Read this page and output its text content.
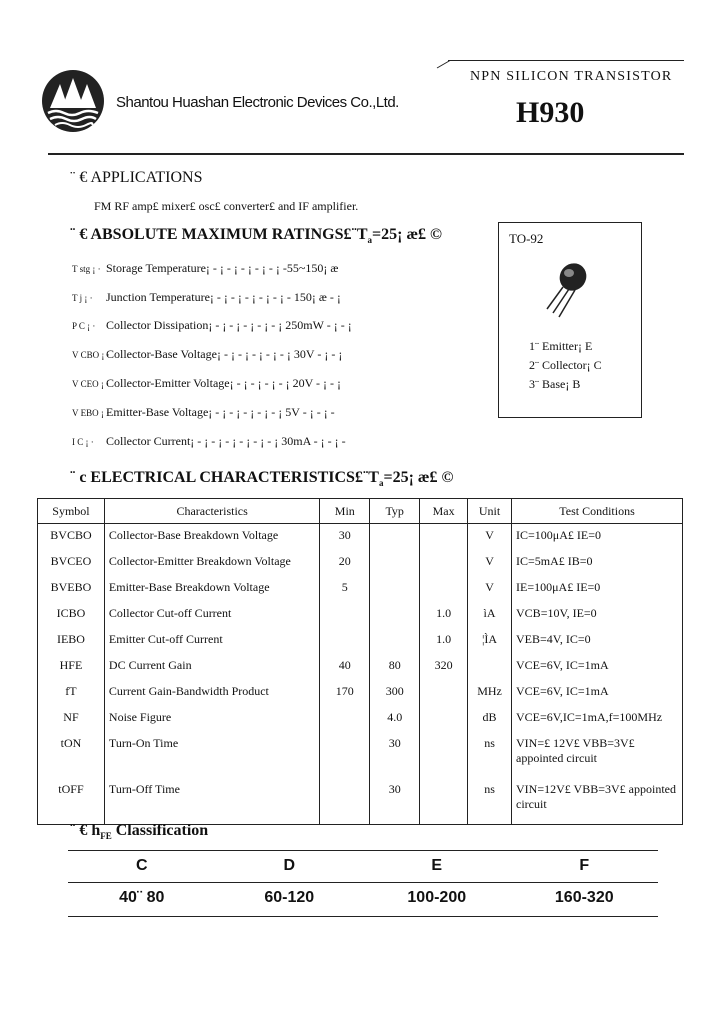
Shantou Huashan Electronic Devices Co.,Ltd.
NPN SILICON TRANSISTOR
H930
¨ € APPLICATIONS
FM RF amp£ mixer£ osc£ converter£ and IF amplifier.
¨ € ABSOLUTE MAXIMUM $RATINGS£¨T_a=25¡$ æ£ ©
T stg ¡ · Storage Temperature¡ - ¡ - ¡ - ¡ - ¡ - ¡ -55~150¡ æ
T j ¡ · Junction Temperature¡ - ¡ - ¡ - ¡ - ¡ - ¡ - 150¡ æ - ¡
P C ¡ · Collector Dissipation¡ - ¡ - ¡ - ¡ - ¡ - ¡ 250mW - ¡ - ¡
V CBO ¡ ·Collector-Base Voltage¡ - ¡ - ¡ - ¡ - ¡ - ¡ 30V - ¡ - ¡
V CEO ¡ ·Collector-Emitter Voltage¡ - ¡ - ¡ - ¡ - ¡ 20V - ¡ - ¡
V EBO ¡ ·Emitter-Base Voltage¡ - ¡ - ¡ - ¡ - ¡ - ¡ 5V - ¡ - ¡ -
I C ¡ · Collector Current¡ - ¡ - ¡ - ¡ - ¡ - ¡ - ¡ 30mA - ¡ - ¡ -
TO-92
1¨ Emitter¡ E
2¨ Collector¡ C
3¨ Base¡ B
¨ c ELECTRICAL $CHARACTERISTICS£¨T_a=25¡$ æ£ ©
Symbol	Characteristics	Min	Typ	Max	Unit	Test Conditions
BVCBO	Collector-Base Breakdown Voltage	30			V	IC=100μA£ IE=0
BVCEO	Collector-Emitter Breakdown Voltage	20			V	IC=5mA£ IB=0
BVEBO	Emitter-Base Breakdown Voltage	5			V	IE=100μA£ IE=0
ICBO	Collector Cut-off Current			1.0	ìA	VCB=10V, IE=0
IEBO	Emitter Cut-off Current			1.0	¦ÌA	VEB=4V, IC=0
HFE	DC Current Gain	40	80	320		VCE=6V, IC=1mA
fT	Current Gain-Bandwidth Product	170	300		MHz	VCE=6V, IC=1mA
NF	Noise Figure		4.0		dB	VCE=6V,IC=1mA,f=100MHz
tON	Turn-On Time		30		ns	VIN=£ 12V£ VBB=3V£ appointed circuit
tOFF	Turn-Off Time		30		ns	VIN=12V£ VBB=3V£ appointed circuit
¨ € $h_{FE}$ Classification
C	D	E	F
40¨ 80	60-120	100-200	160-320
